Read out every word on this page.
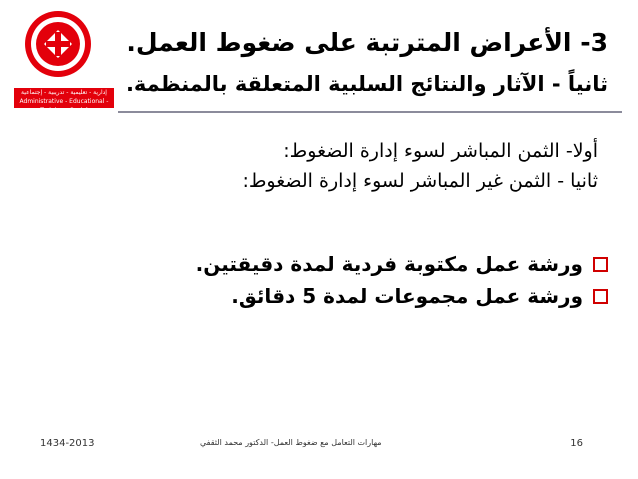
إدارية - تعليمية - تدريبية - إجتماعية
Administrative - Educational - Training - Social
3- الأعراض المترتبة على ضغوط العمل.
ثانياً - الآثار والنتائج السلبية المتعلقة بالمنظمة.
أولا- الثمن المباشر لسوء إدارة الضغوط:
ثانيا - الثمن غير المباشر لسوء إدارة الضغوط:
ورشة عمل مكتوبة فردية لمدة دقيقتين.
ورشة عمل مجموعات لمدة 5 دقائق.
1434-2013	مهارات التعامل مع ضغوط العمل- الدكتور محمد الثقفي	16
